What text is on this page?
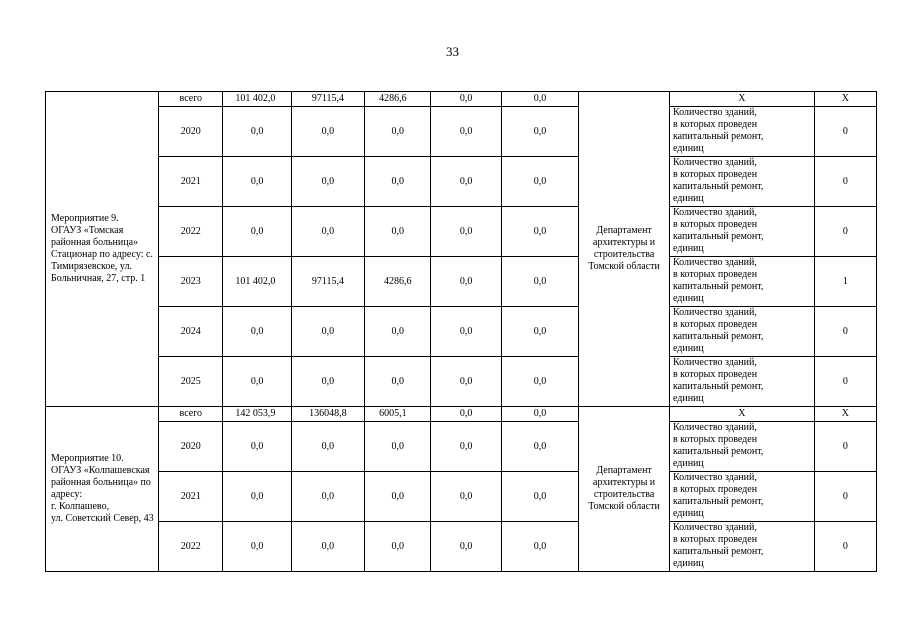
33
Мероприятие 9.
ОГАУЗ «Томская районная больница» Стационар по адресу: с. Тимирязевское, ул. Больничная, 27, стр. 1	всего	101 402,0	97115,4	4286,6	0,0	0,0	Департамент архитектуры и строительства Томской области	X	X
	2020	0,0	0,0	0,0	0,0	0,0		Количество зданий,
в которых проведен
капитальный ремонт,
единиц	0
	2021	0,0	0,0	0,0	0,0	0,0		Количество зданий,
в которых проведен
капитальный ремонт,
единиц	0
	2022	0,0	0,0	0,0	0,0	0,0		Количество зданий,
в которых проведен
капитальный ремонт,
единиц	0
	2023	101 402,0	97115,4	4286,6	0,0	0,0		Количество зданий,
в которых проведен
капитальный ремонт,
единиц	1
	2024	0,0	0,0	0,0	0,0	0,0		Количество зданий,
в которых проведен
капитальный ремонт,
единиц	0
	2025	0,0	0,0	0,0	0,0	0,0		Количество зданий,
в которых проведен
капитальный ремонт,
единиц	0
Мероприятие 10.
ОГАУЗ «Колпашевская районная больница» по адресу:
г. Колпашево,
ул. Советский Север, 43	всего	142 053,9	136048,8	6005,1	0,0	0,0	Департамент архитектуры и строительства Томской области	X	X
	2020	0,0	0,0	0,0	0,0	0,0		Количество зданий,
в которых проведен
капитальный ремонт,
единиц	0
	2021	0,0	0,0	0,0	0,0	0,0		Количество зданий,
в которых проведен
капитальный ремонт,
единиц	0
	2022	0,0	0,0	0,0	0,0	0,0		Количество зданий,
в которых проведен
капитальный ремонт,
единиц	0
